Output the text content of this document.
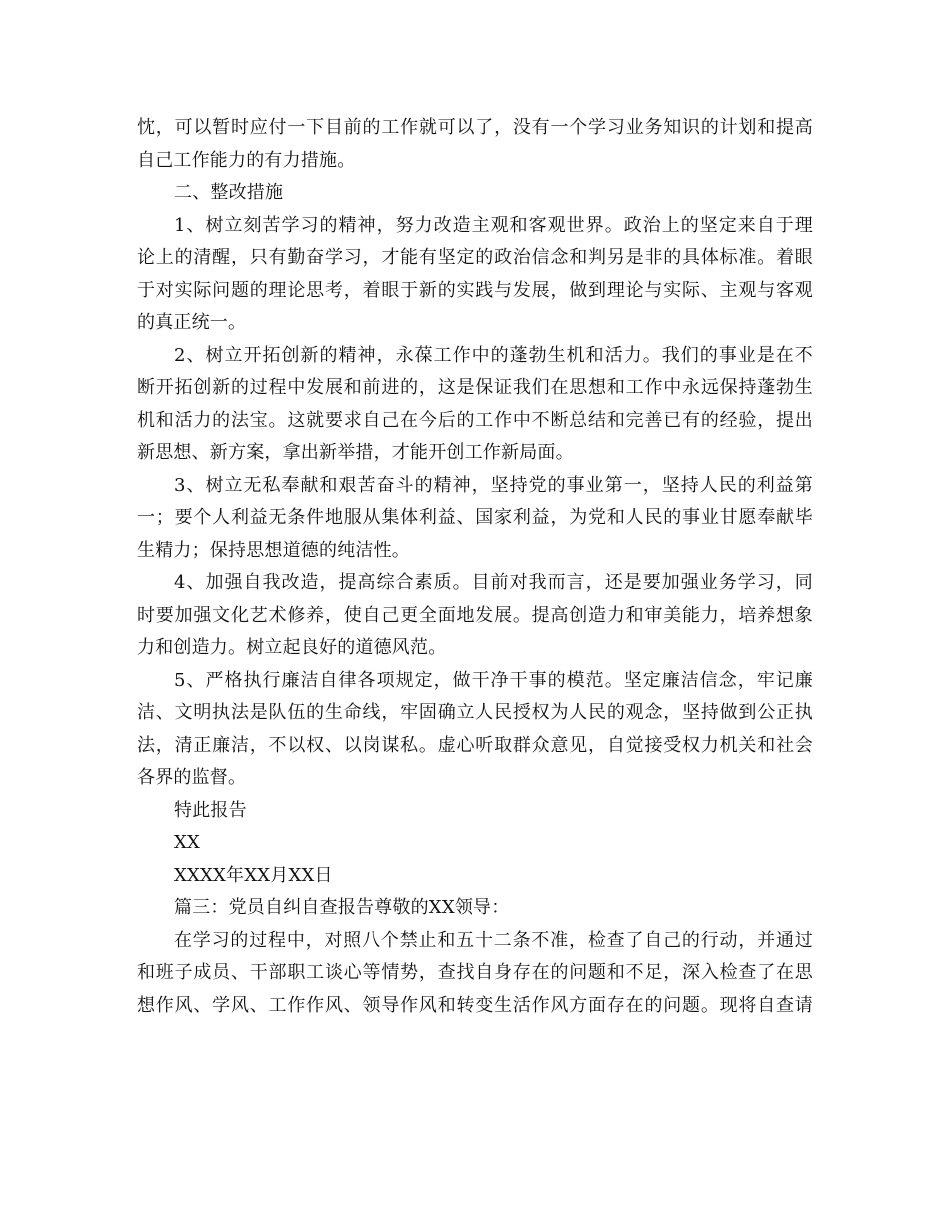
忱，可以暂时应付一下目前的工作就可以了，没有一个学习业务知识的计划和提高
自己工作能力的有力措施。
二、整改措施
1、树立刻苦学习的精神，努力改造主观和客观世界。政治上的坚定来自于理
论上的清醒，只有勤奋学习，才能有坚定的政治信念和判另是非的具体标准。着眼
于对实际问题的理论思考，着眼于新的实践与发展，做到理论与实际、主观与客观
的真正统一。
2、树立开拓创新的精神，永葆工作中的蓬勃生机和活力。我们的事业是在不
断开拓创新的过程中发展和前进的，这是保证我们在思想和工作中永远保持蓬勃生
机和活力的法宝。这就要求自己在今后的工作中不断总结和完善已有的经验，提出
新思想、新方案，拿出新举措，才能开创工作新局面。
3、树立无私奉献和艰苦奋斗的精神，坚持党的事业第一，坚持人民的利益第
一；要个人利益无条件地服从集体利益、国家利益，为党和人民的事业甘愿奉献毕
生精力；保持思想道德的纯洁性。
4、加强自我改造，提高综合素质。目前对我而言，还是要加强业务学习，同
时要加强文化艺术修养，使自己更全面地发展。提高创造力和审美能力，培养想象
力和创造力。树立起良好的道德风范。
5、严格执行廉洁自律各项规定，做干净干事的模范。坚定廉洁信念，牢记廉
洁、文明执法是队伍的生命线，牢固确立人民授权为人民的观念，坚持做到公正执
法，清正廉洁，不以权、以岗谋私。虚心听取群众意见，自觉接受权力机关和社会
各界的监督。
特此报告
XX
XXXX年XX月XX日
篇三：党员自纠自查报告尊敬的XX领导：
在学习的过程中，对照八个禁止和五十二条不准，检查了自己的行动，并通过
和班子成员、干部职工谈心等情势，查找自身存在的问题和不足，深入检查了在思
想作风、学风、工作作风、领导作风和转变生活作风方面存在的问题。现将自查请
